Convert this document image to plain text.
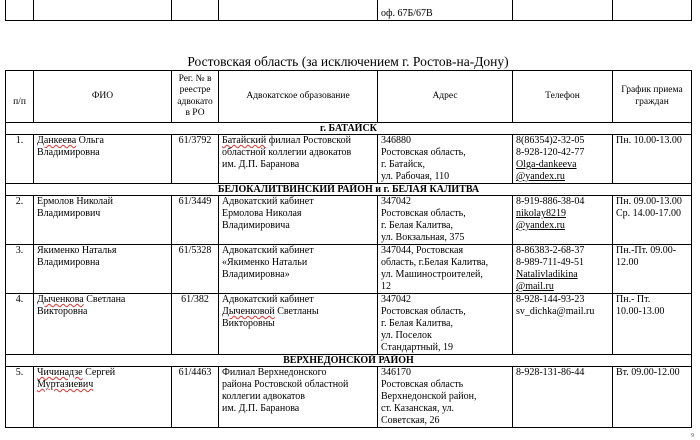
				оф. 67Б/67В		
Ростовская область (за исключением г. Ростов-на-Дону)
п/п	ФИО	Рег. № в реестре адвокато в РО	Адвокатское образование	Адрес	Телефон	График приема граждан
г. БАТАЙСК						
1.	Данкеева Ольга
Владимировна	61/3792	Батайский филиал Ростовской
областной коллегии адвокатов
им. Д.П. Баранова	346880
Ростовская область,
г. Батайск,
ул. Рабочая, 110	8(86354)2-32-05
8-928-120-42-77
Olga-dankeeva
@yandex.ru	Пн. 10.00-13.00
БЕЛОКАЛИТВИНСКИЙ РАЙОН и г. БЕЛАЯ КАЛИТВА						
2.	Ермолов Николай
Владимирович	61/3449	Адвокатский кабинет
Ермолова Николая
Владимировича	347042
Ростовская область,
г. Белая Калитва,
ул. Вокзальная, 375	8-919-886-38-04
nikolay8219
@yandex.ru	Пн. 09.00-13.00
Ср. 14.00-17.00
3.	Якименко Наталья
Владимировна	61/5328	Адвокатский кабинет
«Якименко Натальи
Владимировна»	347044, Ростовская
область, г.Белая Калитва,
ул. Машиностроителей,
12	8-86383-2-68-37
8-989-711-49-51
Natalivladikina
@mail.ru	Пн.-Пт. 09.00-
12.00
4.	Дыченкова Светлана
Викторовна	61/382	Адвокатский кабинет
Дыченковой Светланы
Викторовны	347042
Ростовская область,
г. Белая Калитва,
ул. Поселок
Стандартный, 19	8-928-144-93-23
sv_dichka@mail.ru	Пн.- Пт.
10.00-13.00
ВЕРХНЕДОНСКОЙ РАЙОН						
5.	Чичинадзе Сергей
Муртазиевич	61/4463	Филиал Верхнедонского
района Ростовской областной
коллегии адвокатов
им. Д.П. Баранова	346170
Ростовская область
Верхнедонской район,
ст. Казанская, ул.
Советская, 26	8-928-131-86-44	Вт. 09.00-12.00
9
